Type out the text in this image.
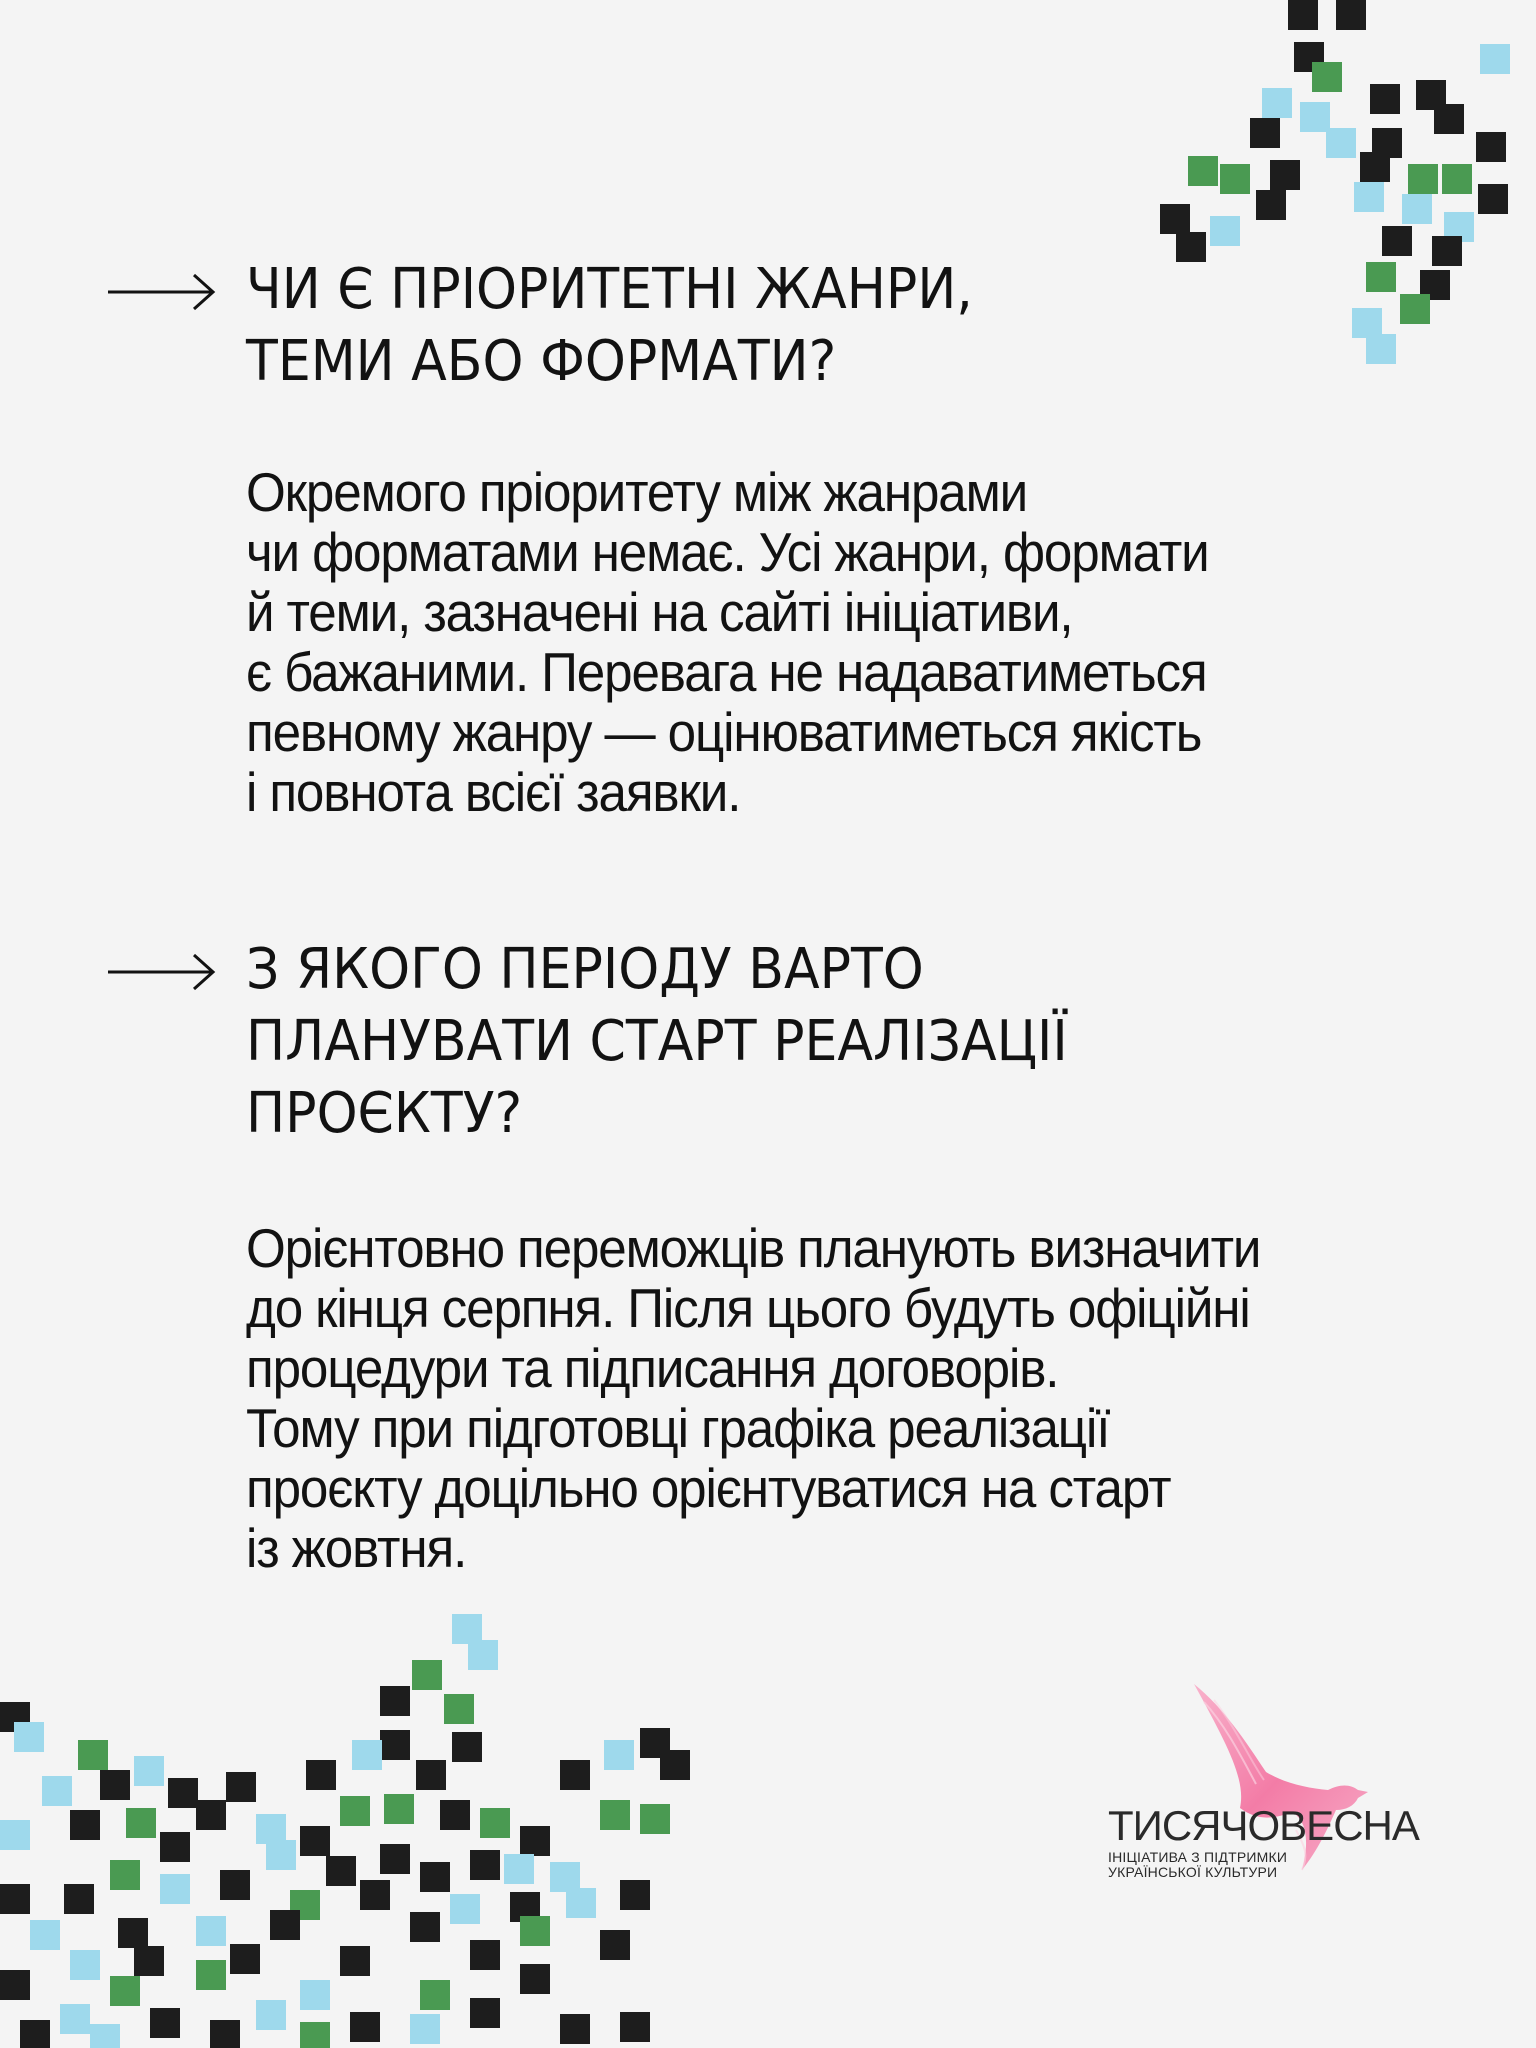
ЧИ Є ПРІОРИТЕТНІ ЖАНРИ,
ТЕМИ АБО ФОРМАТИ?

Окремого пріоритету між жанрами
чи форматами немає. Усі жанри, формати
й теми, зазначені на сайті ініціативи,
є бажаними. Перевага не надаватиметься
певному жанру — оцінюватиметься якість
і повнота всієї заявки.

З ЯКОГО ПЕРІОДУ ВАРТО
ПЛАНУВАТИ СТАРТ РЕАЛІЗАЦІЇ
ПРОЄКТУ?

Орієнтовно переможців планують визначити
до кінця серпня. Після цього будуть офіційні
процедури та підписання договорів.
Тому при підготовці графіка реалізації
проєкту доцільно орієнтуватися на старт
із жовтня.

ТИСЯЧОВЕСНА

ІНІЦІАТИВА З ПІДТРИМКИ
УКРАЇНСЬКОЇ КУЛЬТУРИ
